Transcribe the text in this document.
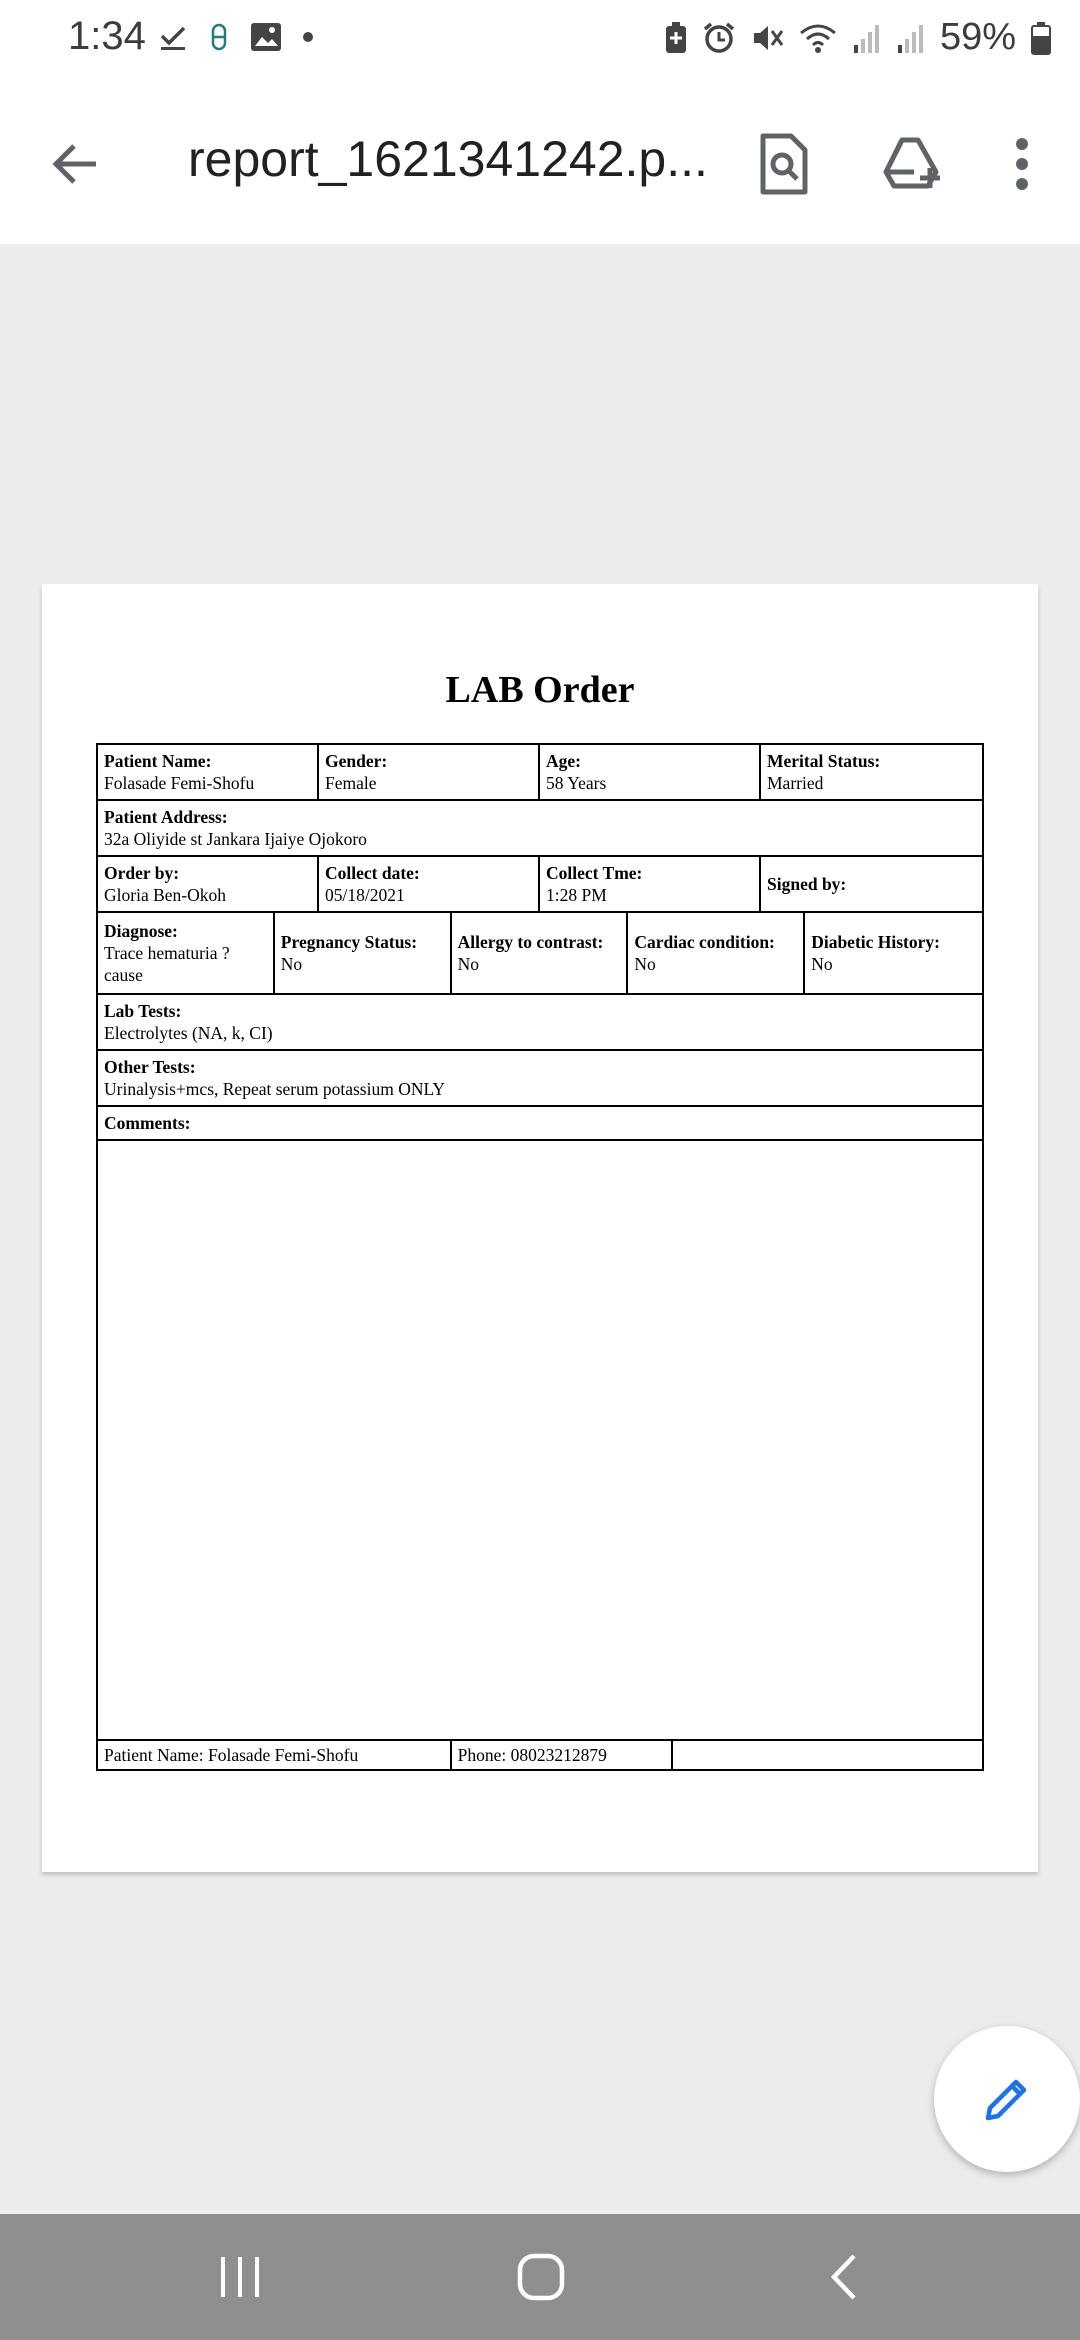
1:34	59%
report_1621341242.p...
LAB Order
Patient Name:
Folasade Femi-Shofu
Gender:
Female
Age:
58 Years
Merital Status:
Married
Patient Address:
32a Oliyide st Jankara Ijaiye Ojokoro
Order by:
Gloria Ben-Okoh
Collect date:
05/18/2021
Collect Tme:
1:28 PM
Signed by:
Diagnose:
Trace hematuria ?
cause
Pregnancy Status:
No
Allergy to contrast:
No
Cardiac condition:
No
Diabetic History:
No
Lab Tests:
Electrolytes (NA, k, CI)
Other Tests:
Urinalysis+mcs, Repeat serum potassium ONLY
Comments:
Patient Name: Folasade Femi-Shofu	Phone: 08023212879
